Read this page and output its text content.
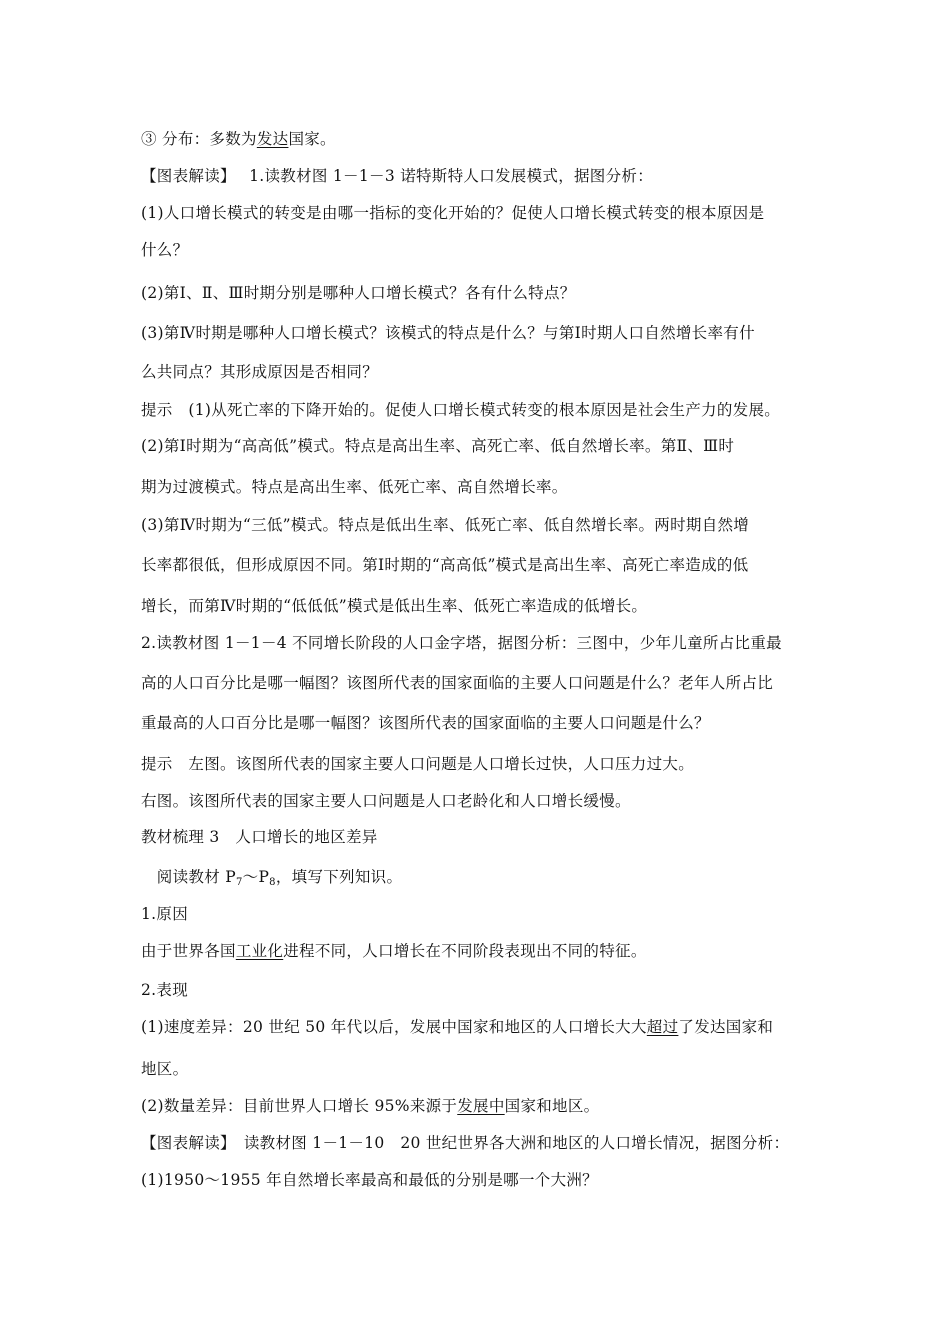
③ 分布：多数为发达国家。
【图表解读】　 1.读教材图 1－1－3 诺特斯特人口发展模式，据图分析：
(1)人口增长模式的转变是由哪一指标的变化开始的？促使人口增长模式转变的根本原因是
什么？
(2)第Ⅰ、Ⅱ、Ⅲ时期分别是哪种人口增长模式？各有什么特点？
(3)第Ⅳ时期是哪种人口增长模式？该模式的特点是什么？与第Ⅰ时期人口自然增长率有什
么共同点？其形成原因是否相同？
提示　(1)从死亡率的下降开始的。促使人口增长模式转变的根本原因是社会生产力的发展。
(2)第Ⅰ时期为“高高低”模式。特点是高出生率、高死亡率、低自然增长率。第Ⅱ、Ⅲ时
期为过渡模式。特点是高出生率、低死亡率、高自然增长率。
(3)第Ⅳ时期为“三低”模式。特点是低出生率、低死亡率、低自然增长率。两时期自然增
长率都很低，但形成原因不同。第Ⅰ时期的“高高低”模式是高出生率、高死亡率造成的低
增长，而第Ⅳ时期的“低低低”模式是低出生率、低死亡率造成的低增长。
2.读教材图 1－1－4 不同增长阶段的人口金字塔，据图分析：三图中，少年儿童所占比重最
高的人口百分比是哪一幅图？该图所代表的国家面临的主要人口问题是什么？老年人所占比
重最高的人口百分比是哪一幅图？该图所代表的国家面临的主要人口问题是什么？
提示　左图。该图所代表的国家主要人口问题是人口增长过快，人口压力过大。
右图。该图所代表的国家主要人口问题是人口老龄化和人口增长缓慢。
教材梳理 3　人口增长的地区差异
　阅读教材 $P_7\sim P_8$，填写下列知识。
1.原因
由于世界各国工业化进程不同，人口增长在不同阶段表现出不同的特征。
2.表现
(1)速度差异：20 世纪 50 年代以后，发展中国家和地区的人口增长大大超过了发达国家和
地区。
(2)数量差异：目前世界人口增长 95%来源于发展中国家和地区。
【图表解读】　读教材图 1－1－10　20 世纪世界各大洲和地区的人口增长情况，据图分析：
(1)1950～1955 年自然增长率最高和最低的分别是哪一个大洲？
